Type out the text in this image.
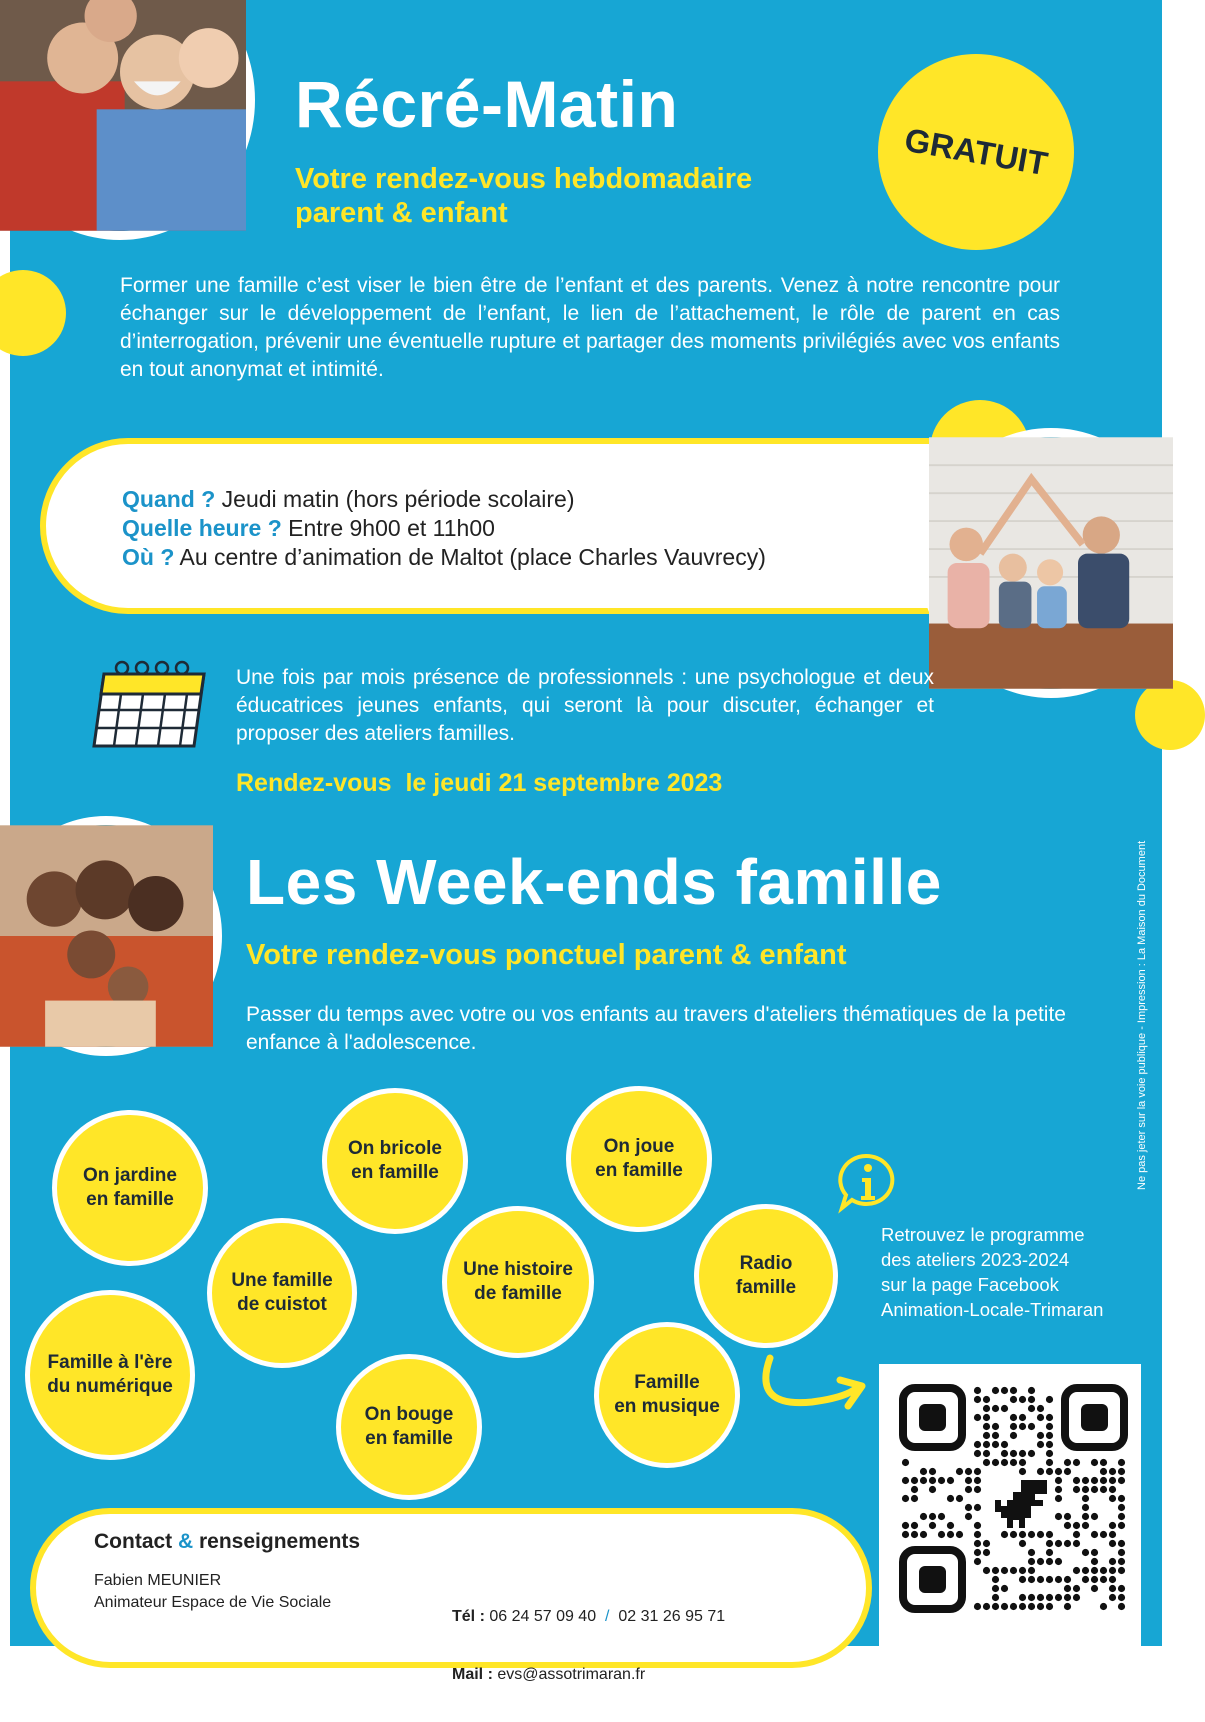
Récré-Matin
Votre rendez-vous hebdomadaire
parent & enfant
GRATUIT
Former une famille c’est viser le bien être de l’enfant et des parents. Venez à notre rencontre pour échanger sur le développement de l’enfant, le lien de l’attachement, le rôle de parent en cas d’interrogation, prévenir une éventuelle rupture et partager des moments privilégiés avec vos enfants en tout anonymat et intimité.
Quand ? Jeudi matin (hors période scolaire)
Quelle heure ? Entre 9h00 et 11h00
Où ? Au centre d’animation de Maltot (place Charles Vauvrecy)
Une fois par mois présence de professionnels : une psychologue et deux éducatrices jeunes enfants, qui seront là pour discuter, échanger et proposer des ateliers familles.
Rendez-vous  le jeudi 21 septembre 2023
Les Week-ends famille
Votre rendez-vous ponctuel parent & enfant
Passer du temps avec votre ou vos enfants au travers d'ateliers thématiques de la petite enfance à l'adolescence.
On jardine
en famille
On bricole
en famille
On joue
en famille
Une famille
de cuistot
Une histoire
de famille
Radio
famille
Famille à l'ère
du numérique
On bouge
en famille
Famille
en musique
Retrouvez le programme
des ateliers 2023-2024
sur la page Facebook
Animation-Locale-Trimaran
Contact & renseignements
Fabien MEUNIER
Animateur Espace de Vie Sociale

Tél : 06 24 57 09 40  /  02 31 26 95 71

Mail : evs@assotrimaran.fr

Ne pas jeter sur la voie publique - Impression : La Maison du Document
